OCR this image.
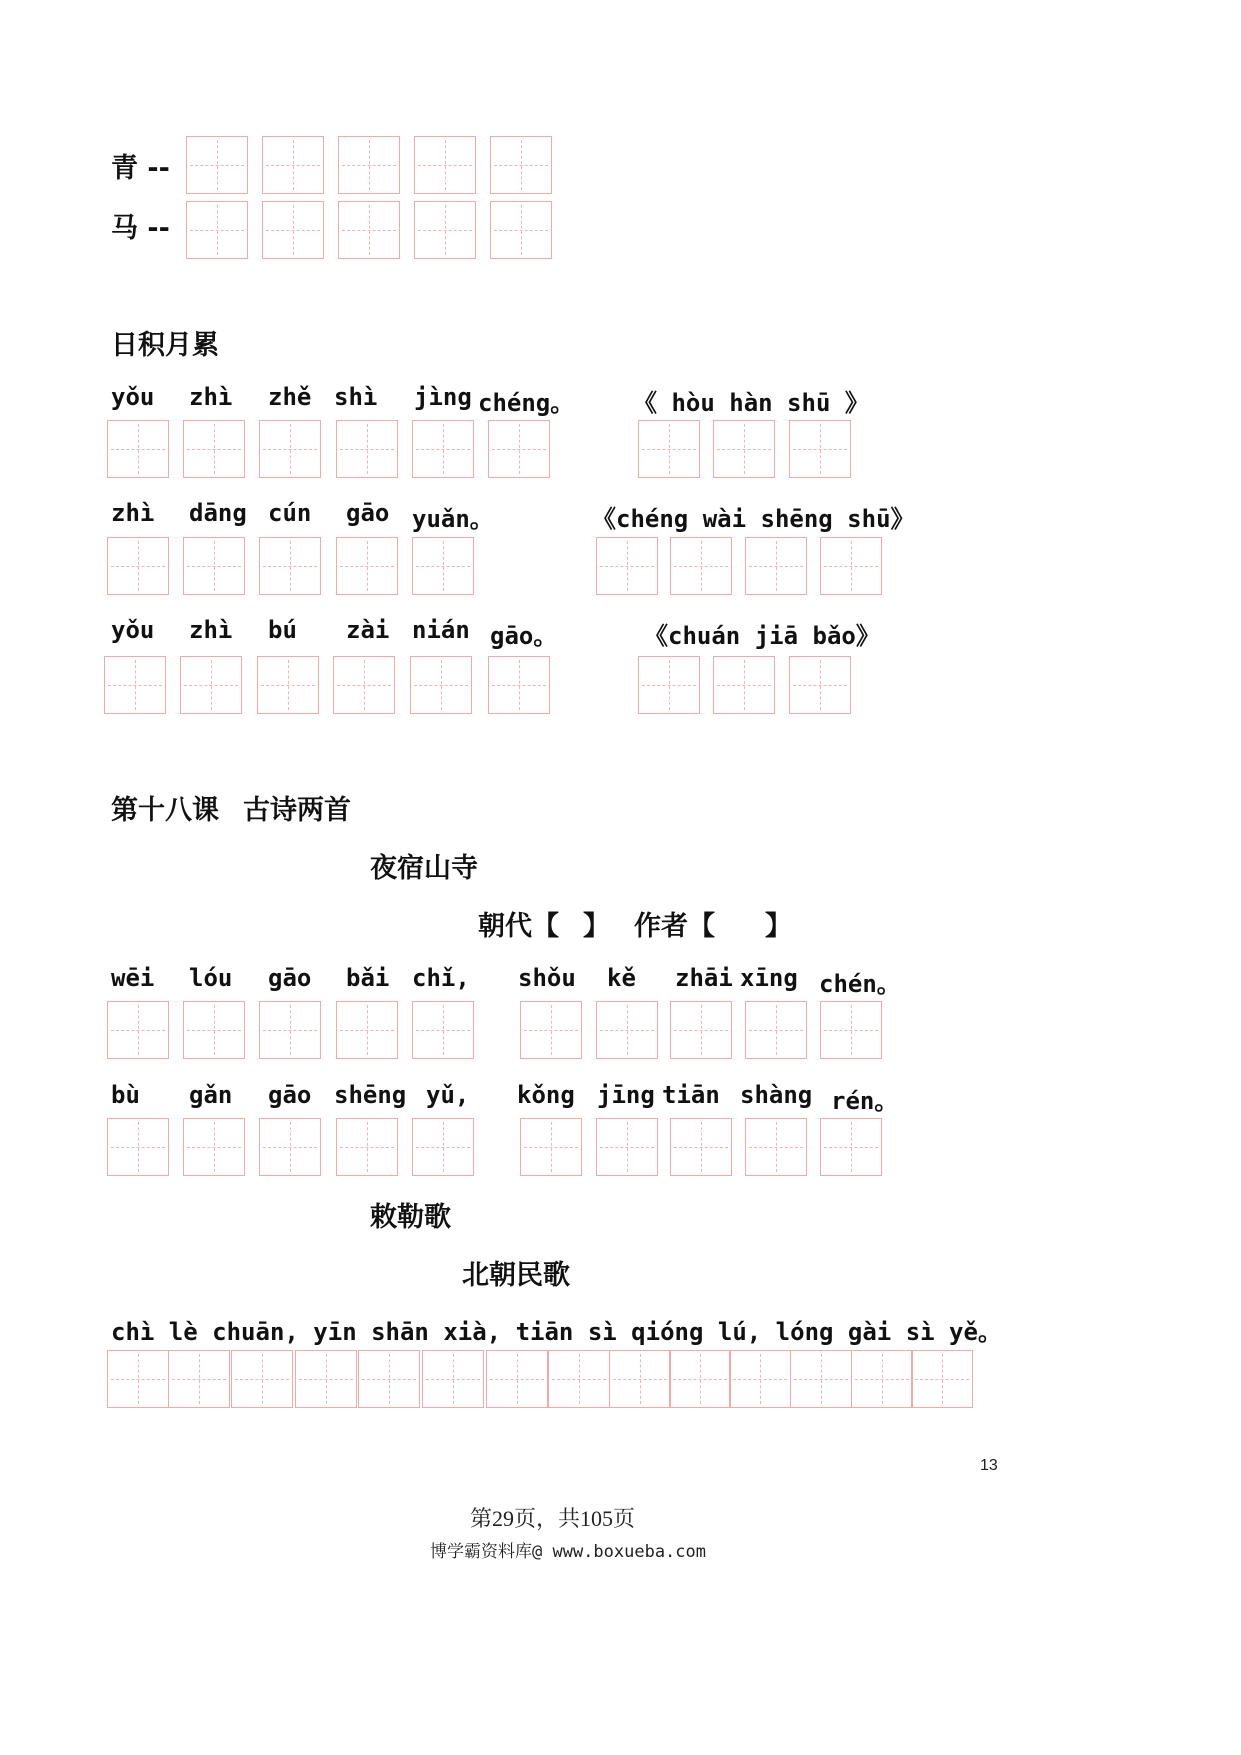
青 --
马 --
日积月累
yǒu zhì zhě shì jìng chéng。 《 hòu hàn shū 》
zhì dāng cún gāo yuǎn。	《chéng wài shēng shū》
yǒu zhì bú zài nián gāo。	《chuán jiā bǎo》
第十八课 古诗两首
夜宿山寺
朝代【 】 作者【 】
wēi lóu gāo bǎi chǐ, shǒu kě zhāi xīng chén。
bù gǎn gāo shēng yǔ, kǒng jīng tiān shàng rén。
敕勒歌
北朝民歌
chì lè chuān, yīn shān xià, tiān sì qióng lú, lóng gài sì yě。
13
第29页，共105页
博学霸资料库@ www.boxueba.com
